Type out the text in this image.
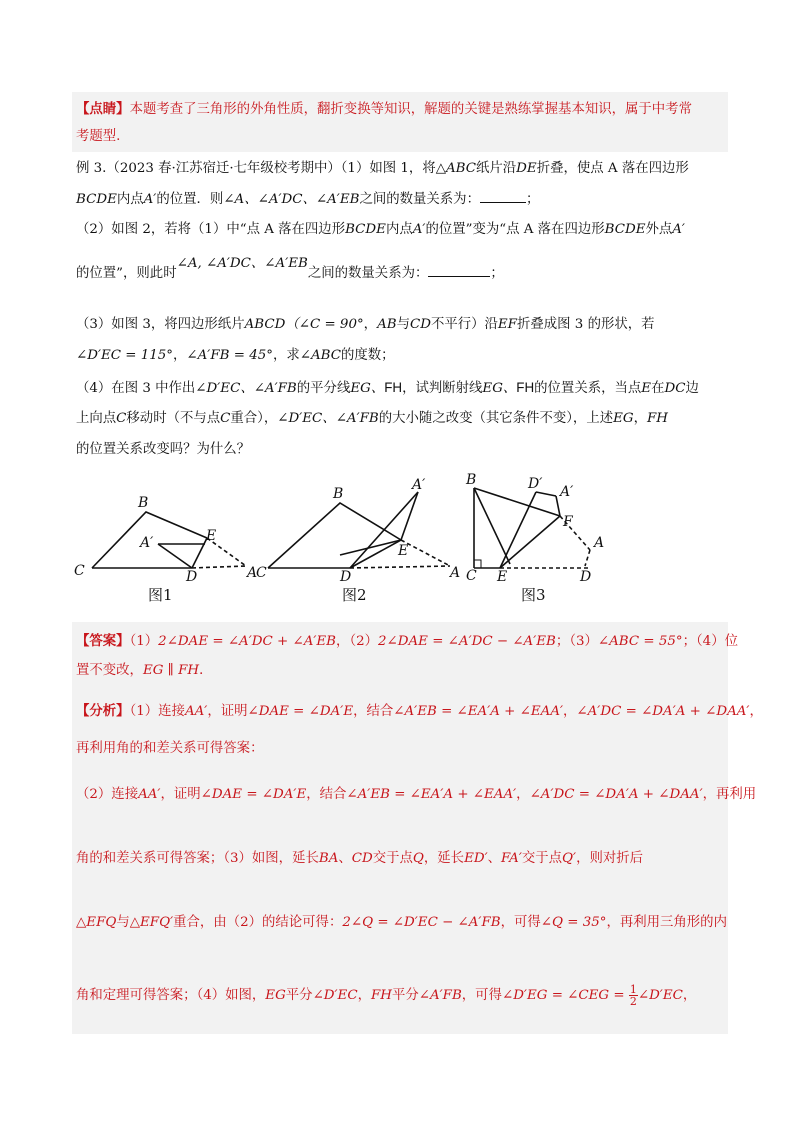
【点睛】本题考查了三角形的外角性质，翻折变换等知识，解题的关键是熟练掌握基本知识，属于中考常
考题型.
例 3.（2023 春·江苏宿迁·七年级校考期中）（1）如图 1，将△ABC纸片沿DE折叠，使点 A 落在四边形
BCDE内点A′的位置．则∠A、∠A′DC、∠A′EB之间的数量关系为：	；
（2）如图 2，若将（1）中“点 A 落在四边形BCDE内点A′的位置”变为“点 A 落在四边形BCDE外点A′
的位置”，则此时∠A, ∠A′DC、∠A′EB之间的数量关系为：	；
（3）如图 3，将四边形纸片ABCD（∠C = 90°，AB与CD不平行）沿EF折叠成图 3 的形状，若
∠D′EC = 115°，∠A′FB = 45°，求∠ABC的度数；
（4）在图 3 中作出∠D′EC、∠A′FB的平分线EG、FH，试判断射线EG、FH的位置关系，当点E在DC边
上向点C移动时（不与点C重合），∠D′EC、∠A′FB的大小随之改变（其它条件不变），上述EG，FH
的位置关系改变吗？为什么？
B
A′	E
C	D	A
B
A′
E
C	D	A
B	D′ A′
F
A
C E	D
图1	图2	图3
【答案】（1）2∠DAE = ∠A′DC + ∠A′EB，（2）2∠DAE = ∠A′DC − ∠A′EB；（3）∠ABC = 55°；（4）位
置不变改，EG ∥ FH．
【分析】（1）连接AA′，证明∠DAE = ∠DA′E，结合∠A′EB = ∠EA′A + ∠EAA′，∠A′DC = ∠DA′A + ∠DAA′，
再利用角的和差关系可得答案：
（2）连接AA′，证明∠DAE = ∠DA′E，结合∠A′EB = ∠EA′A + ∠EAA′，∠A′DC = ∠DA′A + ∠DAA′，再利用
角的和差关系可得答案；（3）如图，延长BA、CD交于点Q，延长ED′、FA′交于点Q′，则对折后
△EFQ与△EFQ′重合，由（2）的结论可得：2∠Q = ∠D′EC − ∠A′FB，可得∠Q = 35°，再利用三角形的内
角和定理可得答案；（4）如图，EG平分∠D′EC，FH平分∠A′FB，可得∠D′EG = ∠CEG = $\frac{1}{2}$ ∠D′EC，
